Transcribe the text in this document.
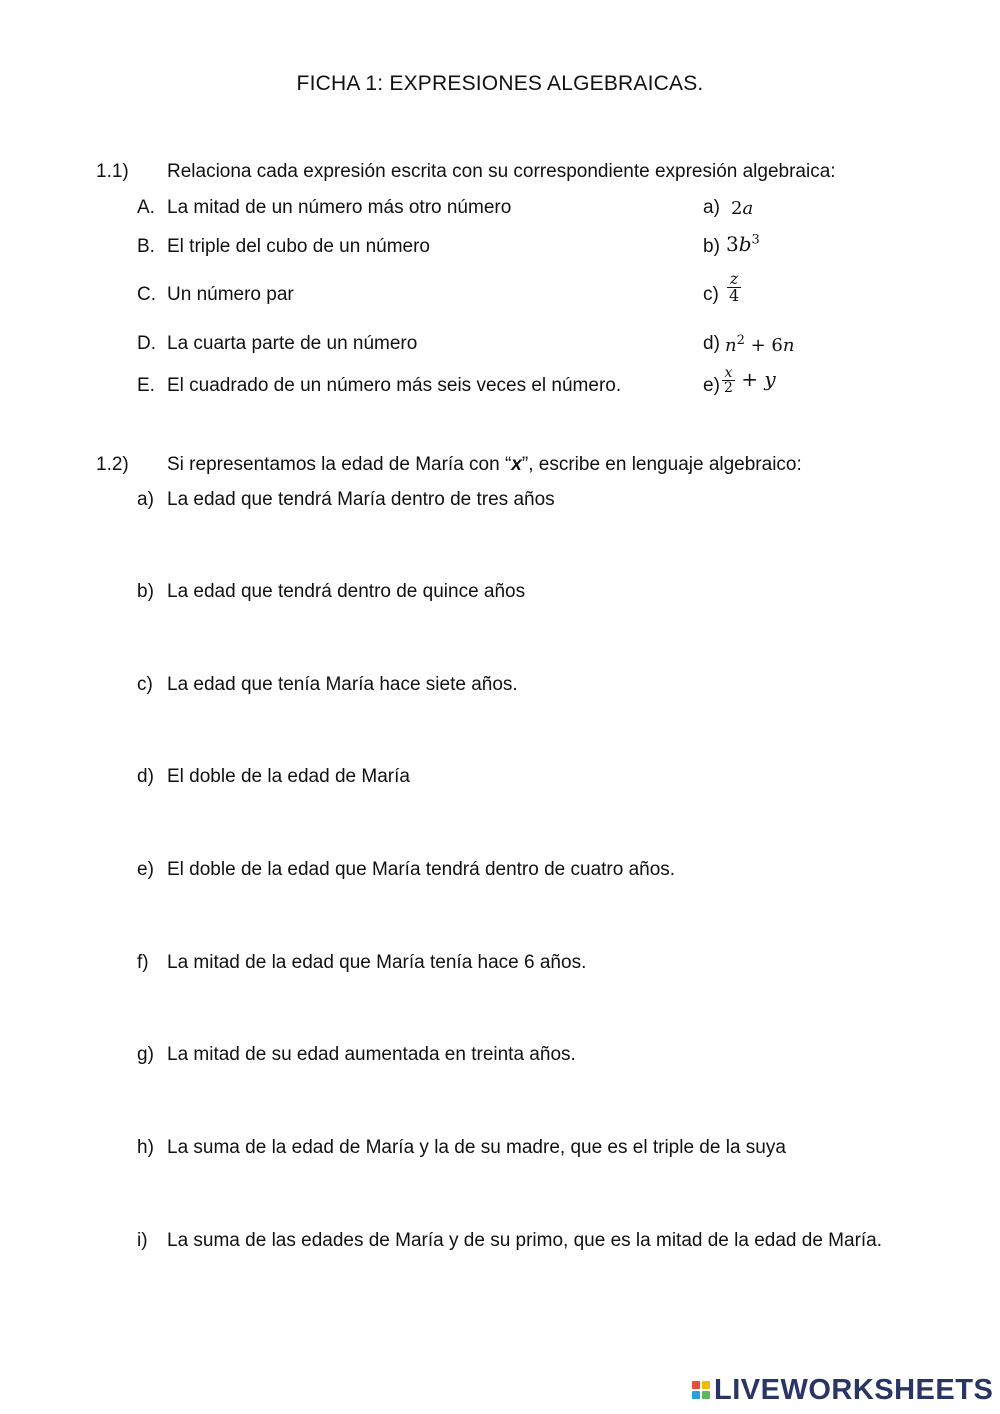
FICHA 1: EXPRESIONES ALGEBRAICAS.
1.1) Relaciona cada expresión escrita con su correspondiente expresión algebraica:
A. La mitad de un número más otro número	a) 2a
B. El triple del cubo de un número	b) $3b^3$
C. Un número par	$c) \frac{z}{4}$
D. La cuarta parte de un número	d) $n^2 + 6n$
E. El cuadrado de un número más seis veces el número.	$e) \frac{x}{2} + y$
1.2) Si representamos la edad de María con “x”, escribe en lenguaje algebraico:
a) La edad que tendrá María dentro de tres años
b) La edad que tendrá dentro de quince años
c) La edad que tenía María hace siete años.
d) El doble de la edad de María
e) El doble de la edad que María tendrá dentro de cuatro años.
f) La mitad de la edad que María tenía hace 6 años.
g) La mitad de su edad aumentada en treinta años.
h) La suma de la edad de María y la de su madre, que es el triple de la suya
i) La suma de las edades de María y de su primo, que es la mitad de la edad de María.
LIVEWORKSHEETS
